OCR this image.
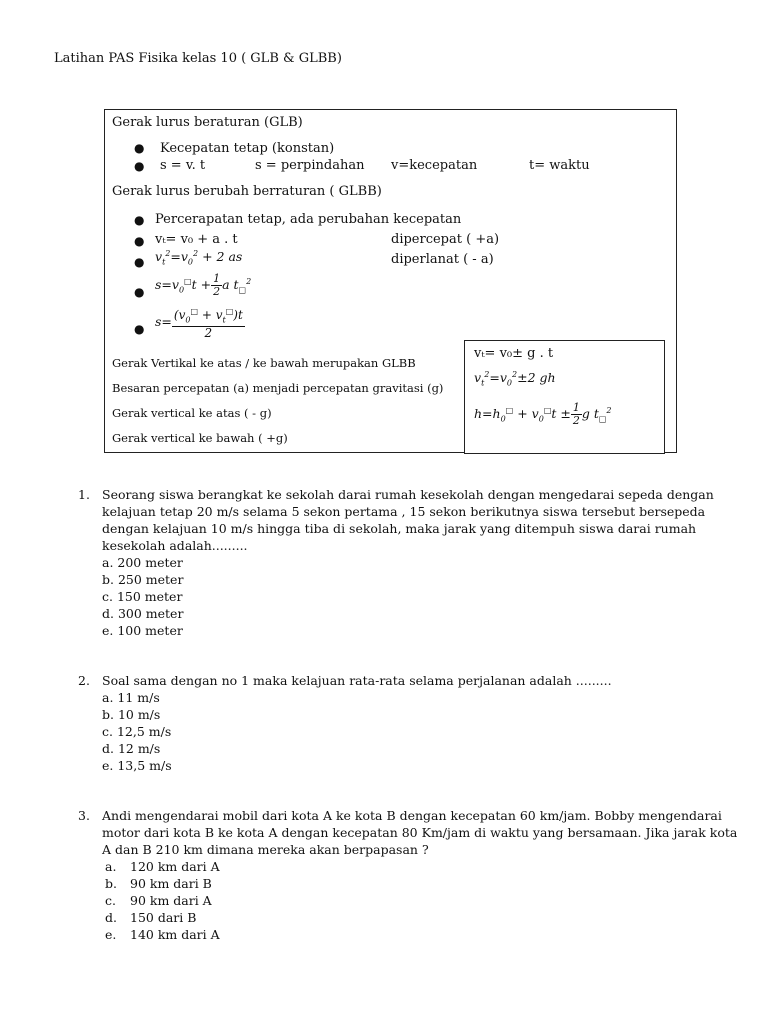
Latihan PAS Fisika kelas 10 ( GLB & GLBB)
Gerak lurus beraturan (GLB)
● Kecepatan tetap (konstan)
● s = v. t	s = perpindahan v=kecepatan	t= waktu
Gerak lurus berubah berraturan ( GLBB)
● Percerapatan tetap, ada perubahan kecepatan
● vₜ= v₀ + a . t	dipercepat ( +a)
● $v_t^2=v_0^2 + 2$ as	diperlanat ( - a)
● $s=v_0^□t + \frac{1}{2}$ a $t_□^2$
● $s= \frac{(v_0^□ + v_t^□)t}{2}$
Gerak Vertikal ke atas / ke bawah merupakan GLBB
Besaran percepatan (a) menjadi percepatan gravitasi (g)
Gerak vertical ke atas ( - g)
Gerak vertical ke bawah ( +g)
vₜ= v₀± g . t
$v_t^2=v_0^2\pm 2$ gh
$h=h_0^□ + v_0^□t \pm \frac{1}{2}$ g $t_□^2$
1. Seorang siswa berangkat ke sekolah darai rumah kesekolah dengan mengedarai sepeda dengan
kelajuan tetap 20 m/s selama 5 sekon pertama , 15 sekon berikutnya siswa tersebut bersepeda
dengan kelajuan 10 m/s hingga tiba di sekolah, maka jarak yang ditempuh siswa darai rumah
kesekolah adalah.........
a. 200 meter
b. 250 meter
c. 150 meter
d. 300 meter
e. 100 meter
2. Soal sama dengan no 1 maka kelajuan rata-rata selama perjalanan adalah .........
a. 11 m/s
b. 10 m/s
c. 12,5 m/s
d. 12 m/s
e. 13,5 m/s
3. Andi mengendarai mobil dari kota A ke kota B dengan kecepatan 60 km/jam. Bobby mengendarai
motor dari kota B ke kota A dengan kecepatan 80 Km/jam di waktu yang bersamaan. Jika jarak kota
A dan B 210 km dimana mereka akan berpapasan ?
a. 120 km dari A
b. 90 km dari B
c. 90 km dari A
d. 150 dari B
e. 140 km dari A
